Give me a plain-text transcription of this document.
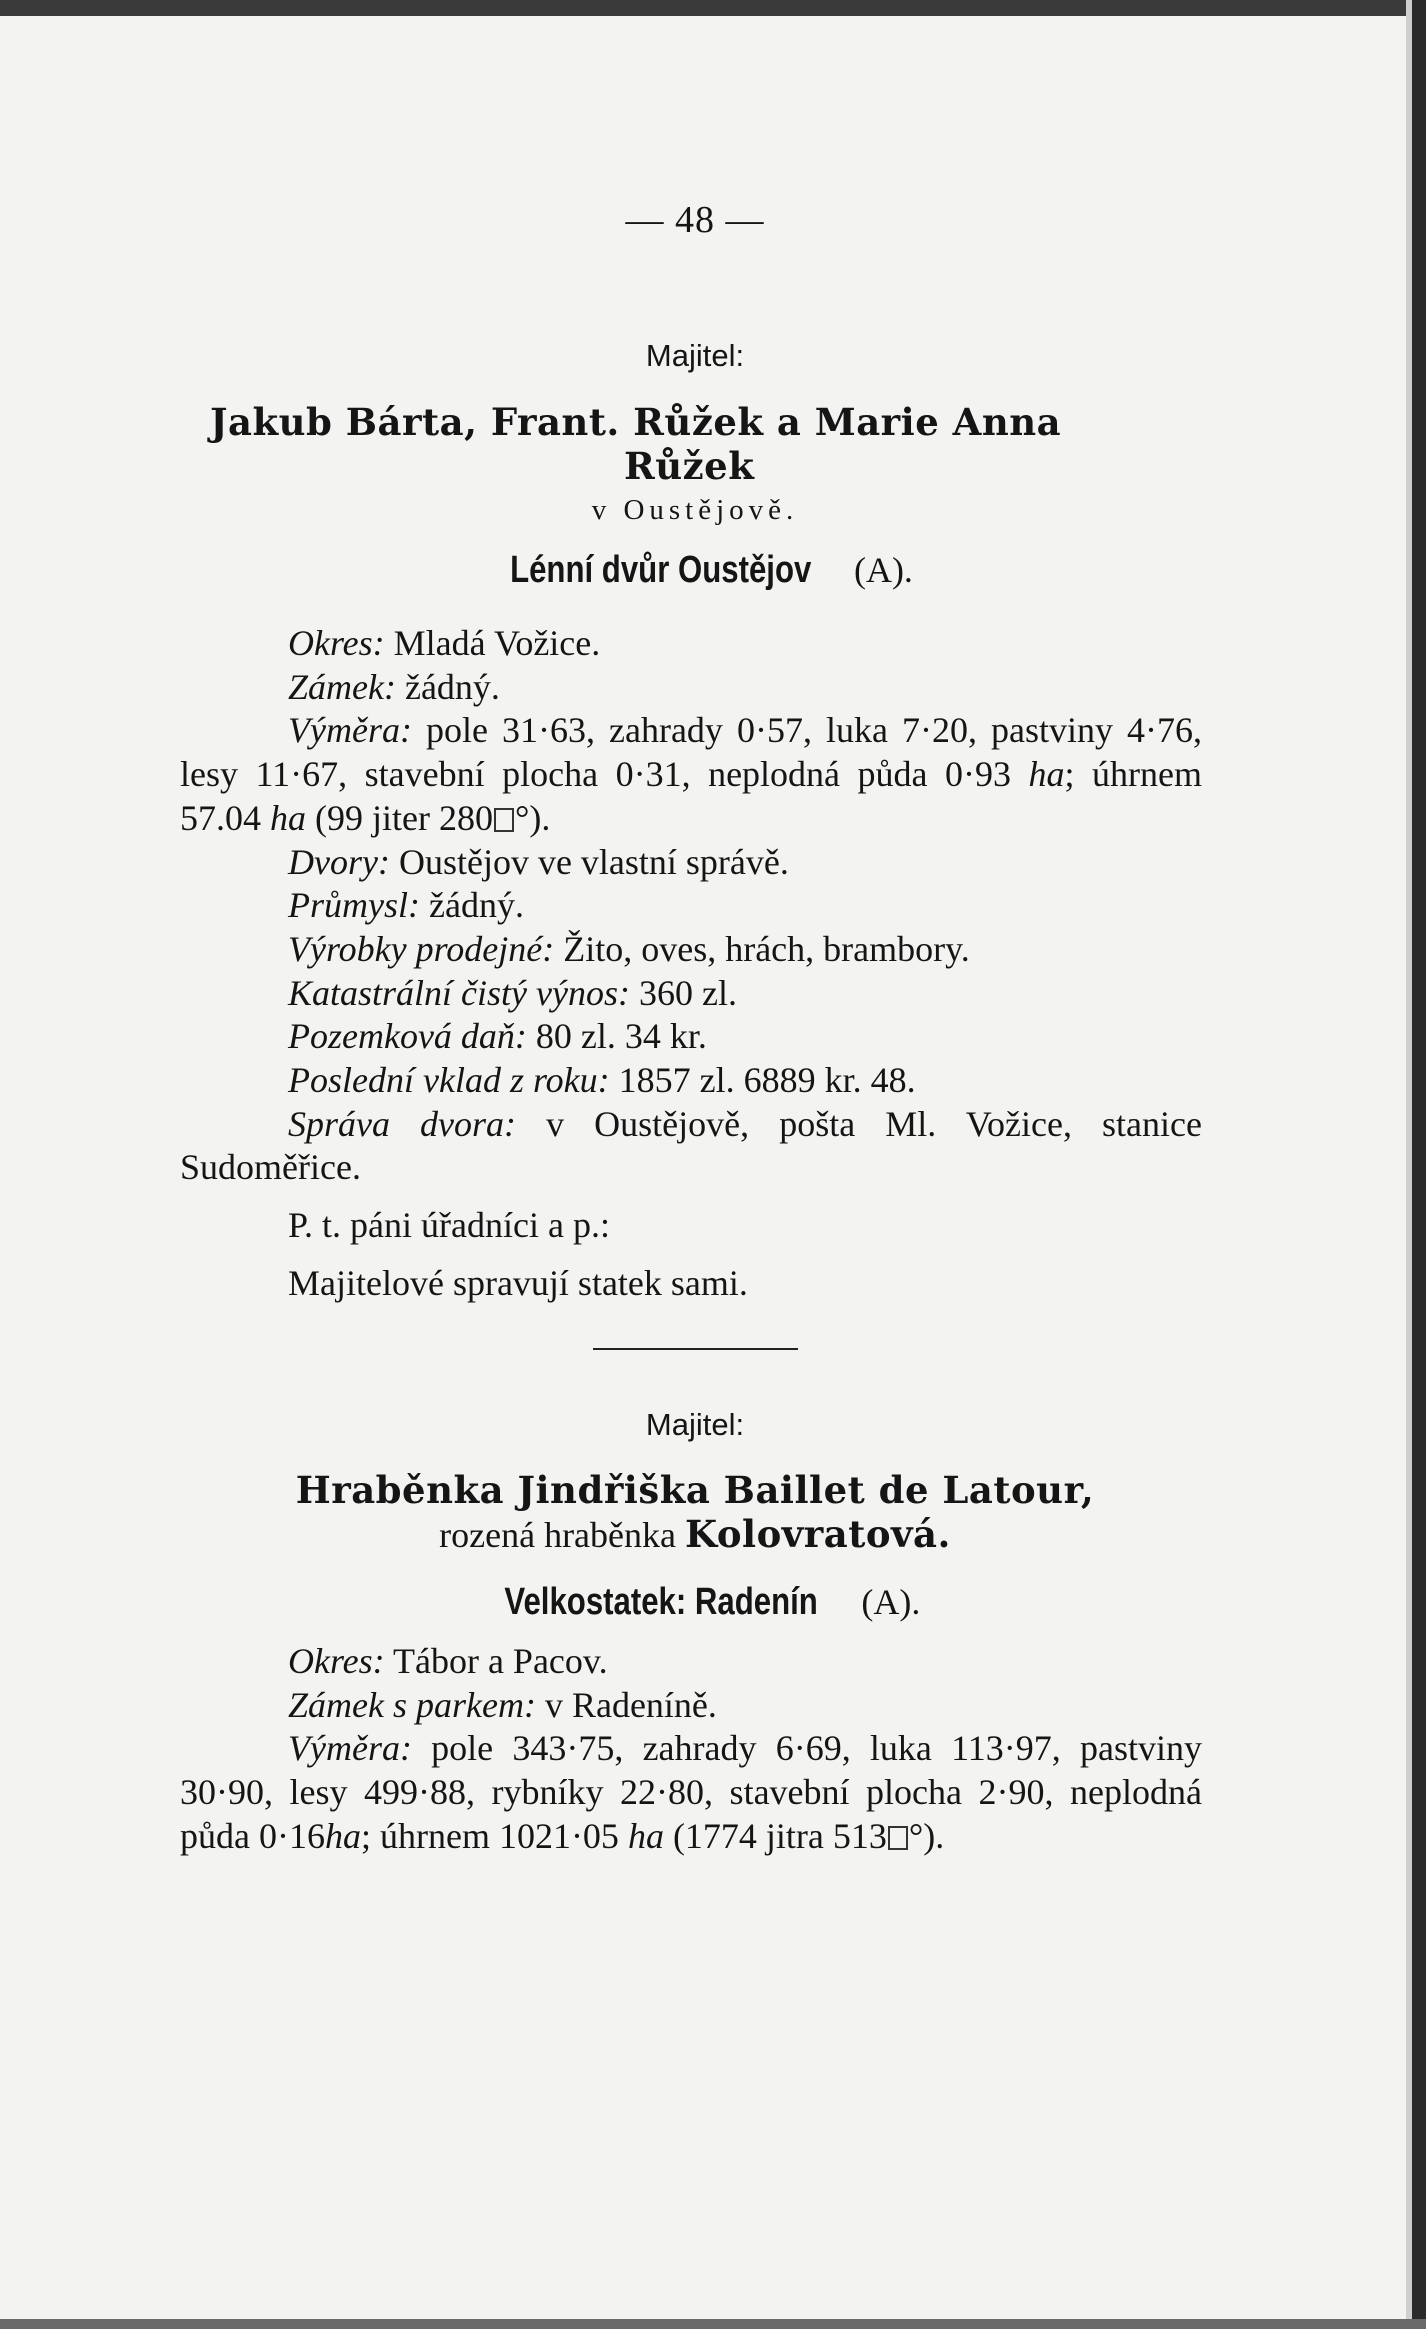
— 48 —
Majitel:
Jakub Bárta, Frant. Růžek a Marie Anna
Růžek
v Oustějově.
Lénní dvůr Oustějov (A).

Okres: Mladá Vožice.

Zámek: žádný.

Výměra: pole 31·63, zahrady 0·57, luka 7·20, pastviny 4·76, lesy 11·67, stavební plocha 0·31, neplodná půda 0·93 ha; úhrnem 57.04 ha (99 jiter 280 °).

Dvory: Oustějov ve vlastní správě.

Průmysl: žádný.

Výrobky prodejné: Žito, oves, hrách, brambory.

Katastrální čistý výnos: 360 zl.

Pozemková daň: 80 zl. 34 kr.

Poslední vklad z roku: 1857 zl. 6889 kr. 48.

Správa dvora: v Oustějově, pošta Ml. Vožice, stanice Sudoměřice.

P. t. páni úřadníci a p.:

Majitelové spravují statek sami.

Majitel:
Hraběnka Jindřiška Baillet de Latour,
rozená hraběnka Kolovratová.
Velkostatek: Radenín (A).

Okres: Tábor a Pacov.

Zámek s parkem: v Radeníně.

Výměra: pole 343·75, zahrady 6·69, luka 113·97, pastviny 30·90, lesy 499·88, rybníky 22·80, stavební plocha 2·90, neplodná půda 0·16ha; úhrnem 1021·05 ha (1774 jitra 513 °).
